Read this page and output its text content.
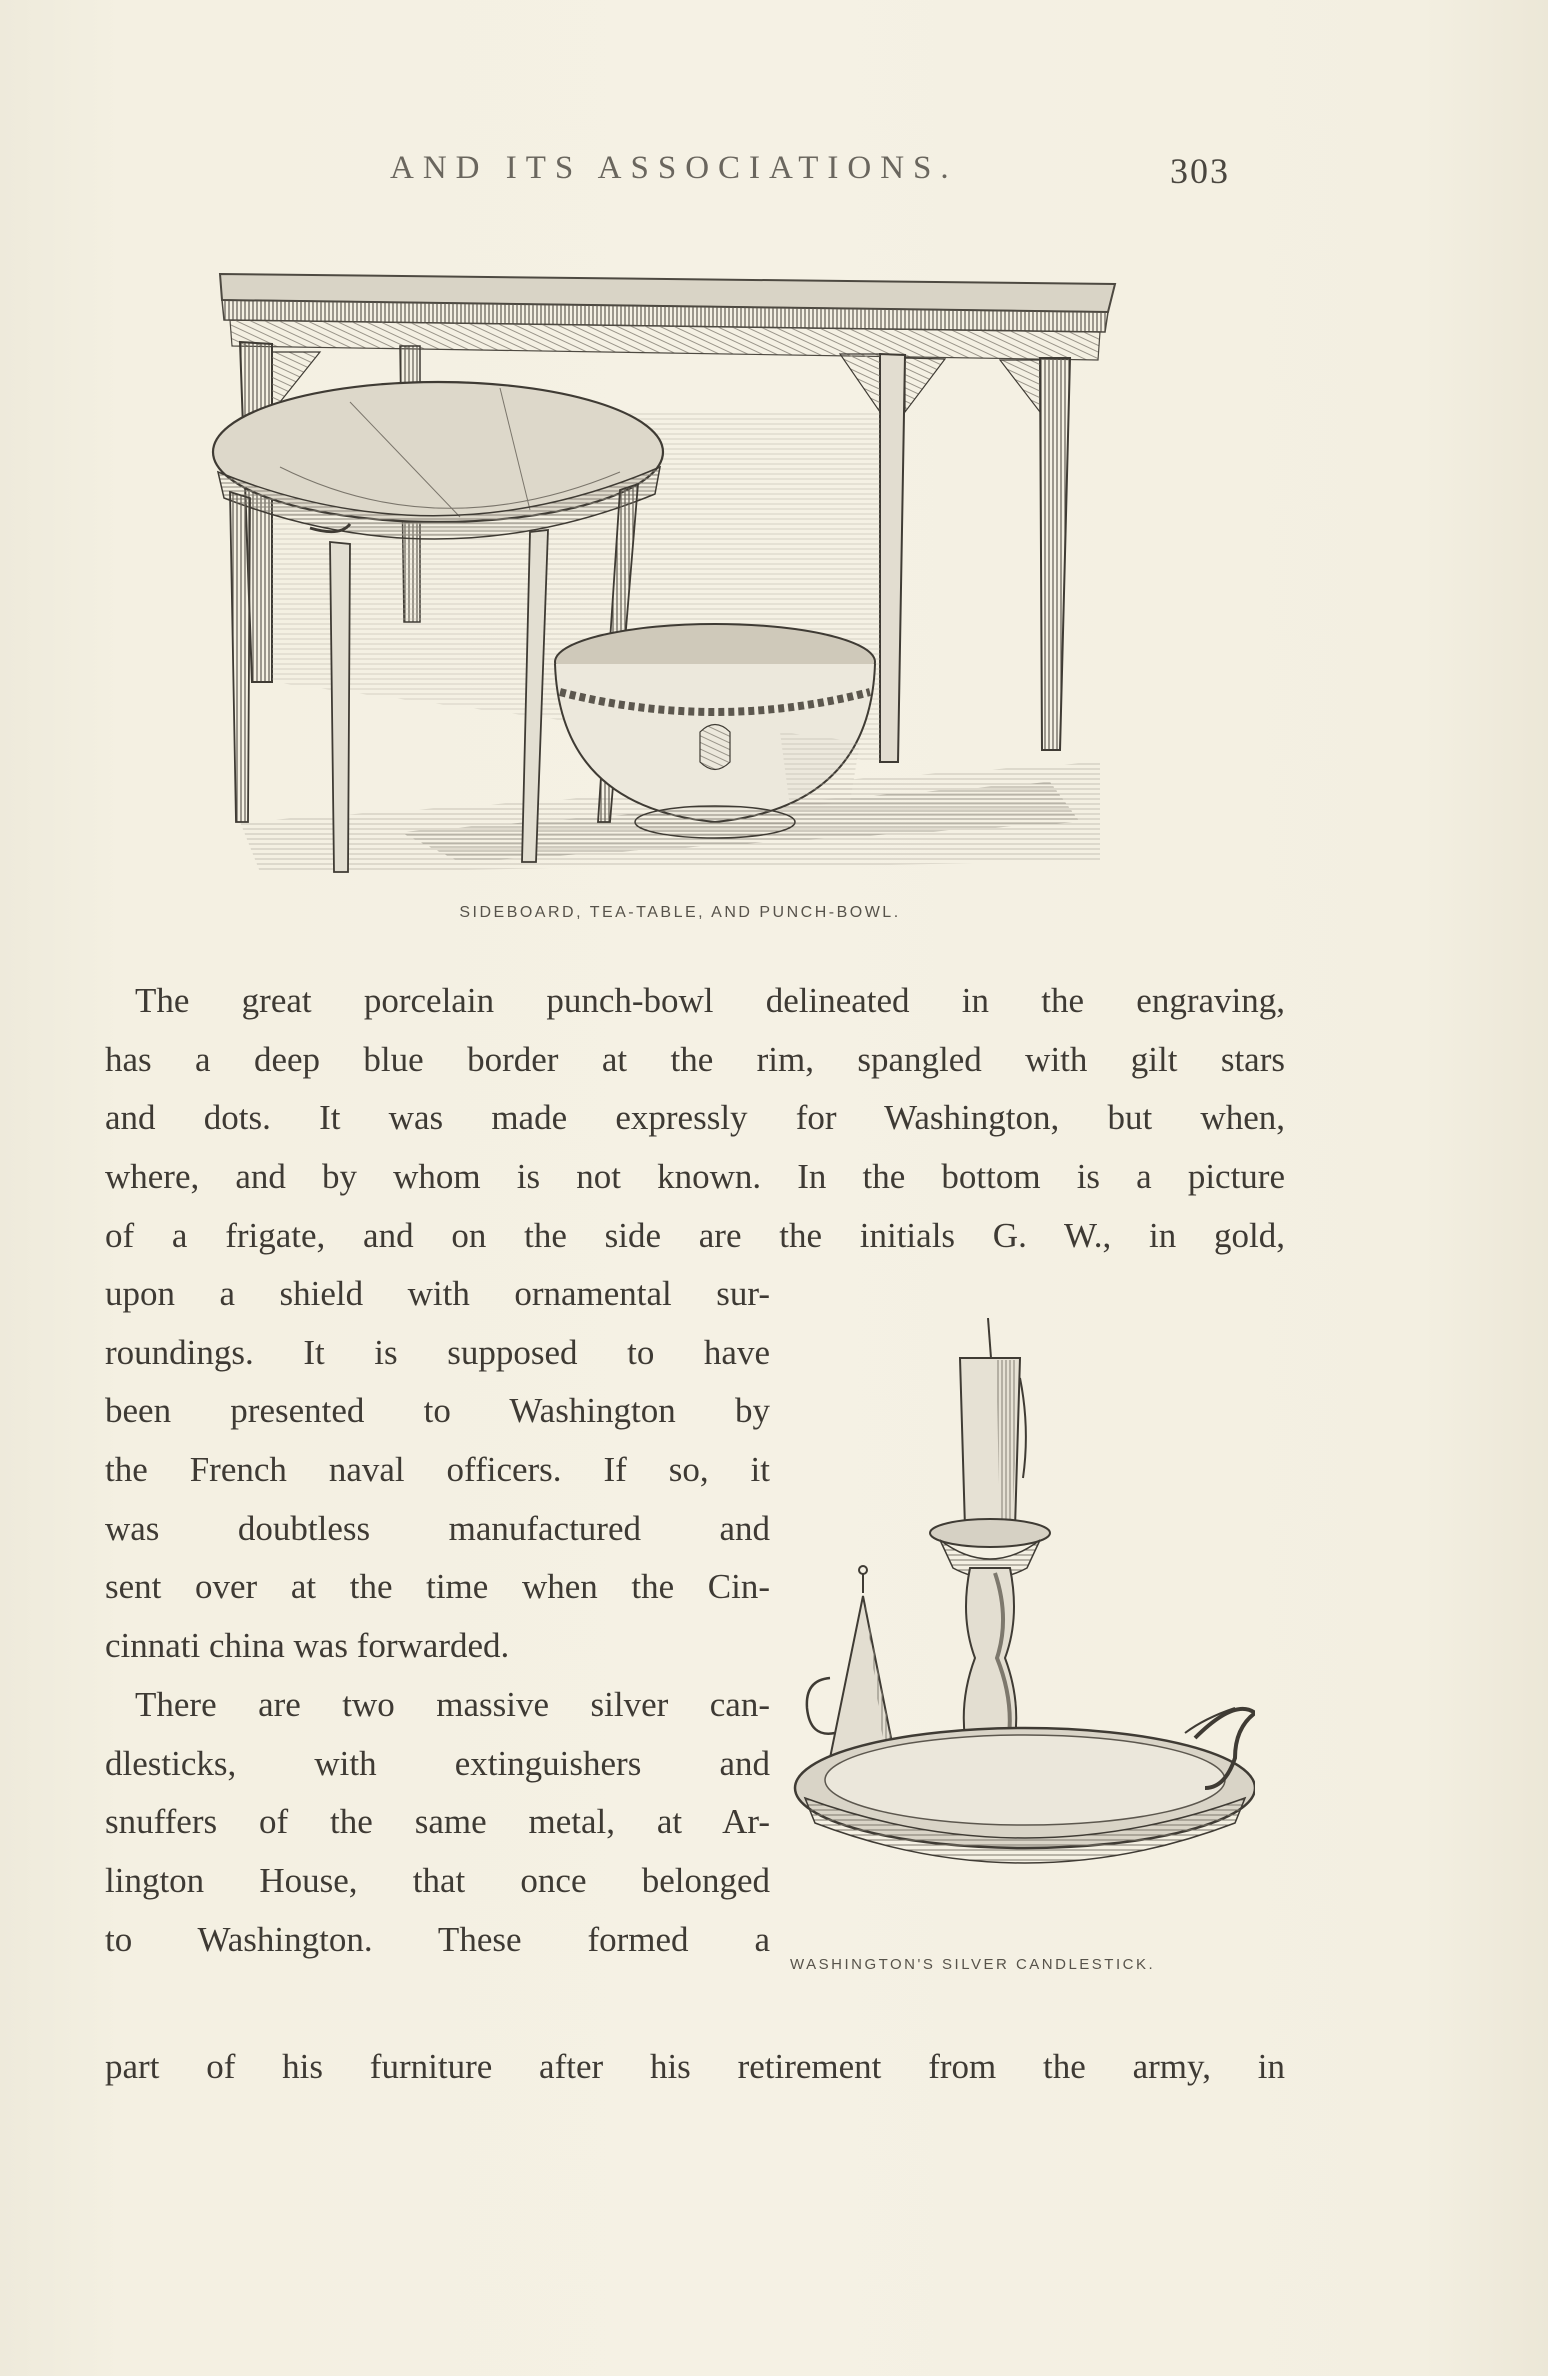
AND ITS ASSOCIATIONS.	303
SIDEBOARD, TEA-TABLE, AND PUNCH-BOWL.
The great porcelain punch-bowl delineated in the engraving,
has a deep blue border at the rim, spangled with gilt stars
and dots. It was made expressly for Washington, but when,
where, and by whom is not known. In the bottom is a picture
of a frigate, and on the side are the initials G. W., in gold,
upon a shield with ornamental sur-
roundings. It is supposed to have
been presented to Washington by
the French naval officers. If so, it
was doubtless manufactured and
sent over at the time when the Cin-
cinnati china was forwarded.
There are two massive silver can-
dlesticks, with extinguishers and
snuffers of the same metal, at Ar-
lington House, that once belonged
to Washington. These formed a
WASHINGTON'S SILVER CANDLESTICK.
part of his furniture after his retirement from the army, in
